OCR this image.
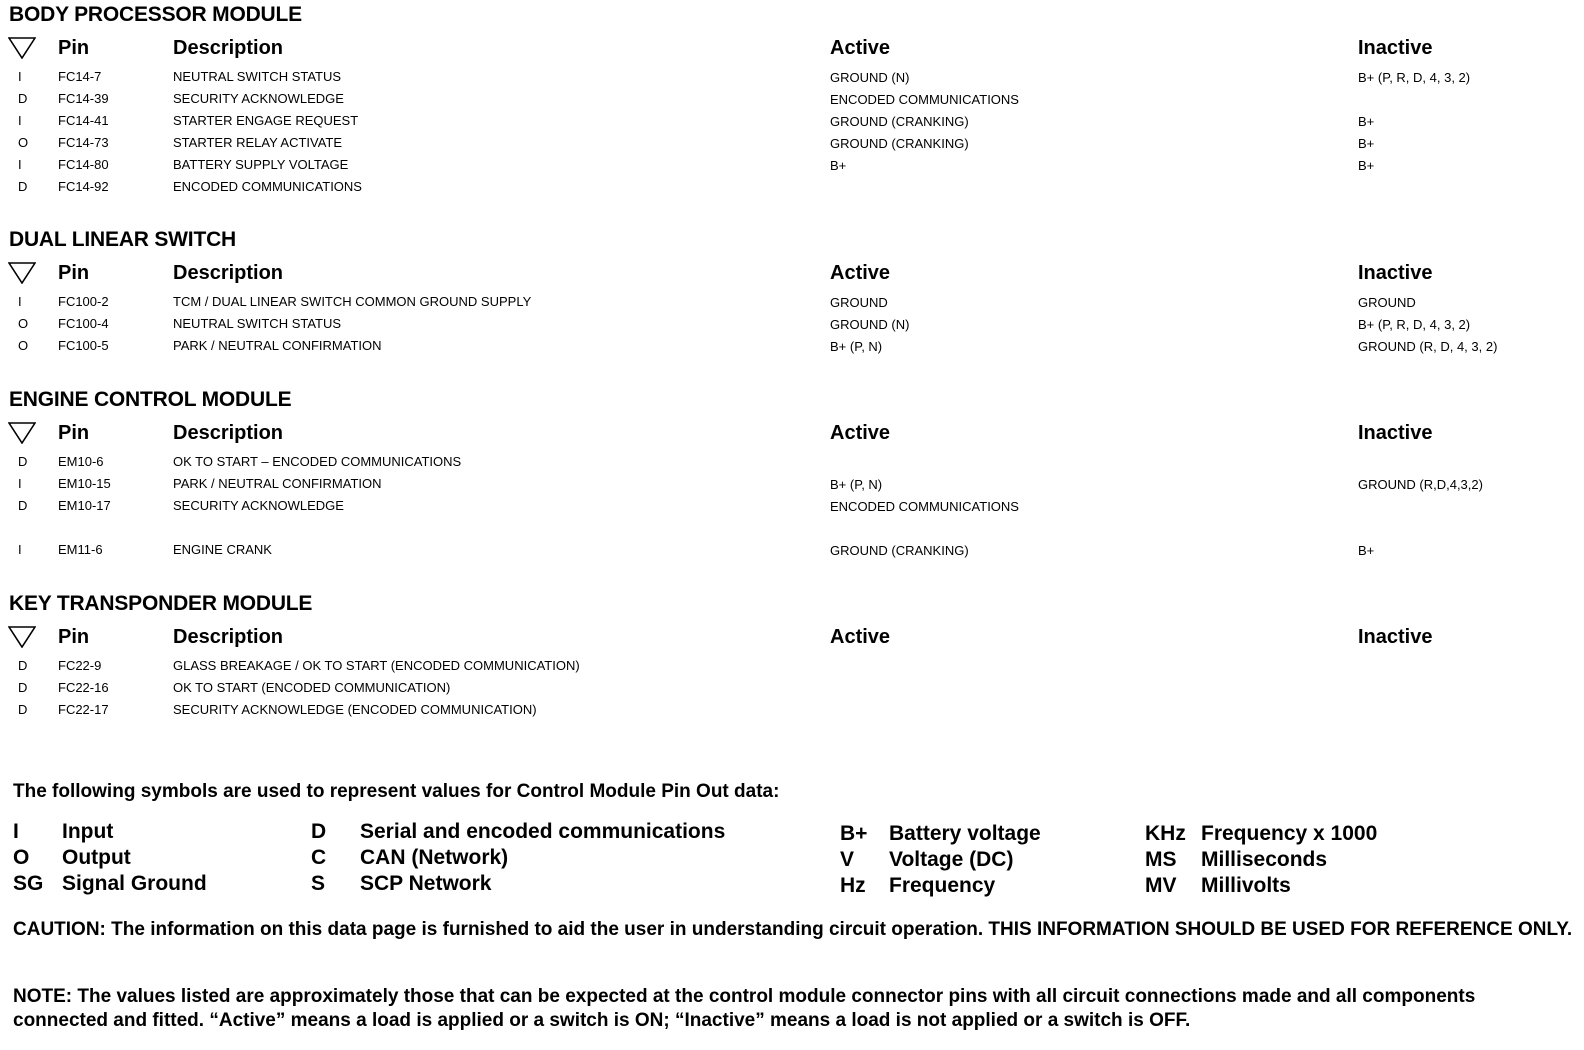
BODY PROCESSOR MODULE
Pin	Description	Active	Inactive
I	FC14-7	NEUTRAL SWITCH STATUS	GROUND (N)	B+ (P, R, D, 4, 3, 2)
D FC14-39	SECURITY ACKNOWLEDGE	ENCODED COMMUNICATIONS
I	FC14-41	STARTER ENGAGE REQUEST	GROUND (CRANKING)	B+
O FC14-73	STARTER RELAY ACTIVATE	GROUND (CRANKING)	B+
I	FC14-80	BATTERY SUPPLY VOLTAGE	B+	B+
D FC14-92	ENCODED COMMUNICATIONS
DUAL LINEAR SWITCH
Pin	Description	Active	Inactive
I	FC100-2	TCM / DUAL LINEAR SWITCH COMMON GROUND SUPPLY	GROUND	GROUND
O FC100-4	NEUTRAL SWITCH STATUS	GROUND (N)	B+ (P, R, D, 4, 3, 2)
O FC100-5	PARK / NEUTRAL CONFIRMATION	B+ (P, N)	GROUND (R, D, 4, 3, 2)
ENGINE CONTROL MODULE
Pin	Description	Active	Inactive
D EM10-6	OK TO START – ENCODED COMMUNICATIONS
I	EM10-15	PARK / NEUTRAL CONFIRMATION	B+ (P, N)	GROUND (R,D,4,3,2)
D EM10-17	SECURITY ACKNOWLEDGE	ENCODED COMMUNICATIONS
I	EM11-6	ENGINE CRANK	GROUND (CRANKING)	B+
KEY TRANSPONDER MODULE
Pin	Description	Active	Inactive
D FC22-9	GLASS BREAKAGE / OK TO START (ENCODED COMMUNICATION)
D FC22-16	OK TO START (ENCODED COMMUNICATION)
D FC22-17	SECURITY ACKNOWLEDGE (ENCODED COMMUNICATION)
The following symbols are used to represent values for Control Module Pin Out data:
I Input
O Output
SG Signal Ground
D Serial and encoded communications
C CAN (Network)
S SCP Network
B+ Battery voltage
V Voltage (DC)
Hz Frequency
KHz Frequency x 1000
MS Milliseconds
MV Millivolts
CAUTION: The information on this data page is furnished to aid the user in understanding circuit operation. THIS INFORMATION SHOULD BE USED FOR REFERENCE ONLY.
NOTE: The values listed are approximately those that can be expected at the control module connector pins with all circuit connections made and all components connected and fitted. “Active” means a load is applied or a switch is ON; “Inactive” means a load is not applied or a switch is OFF.
